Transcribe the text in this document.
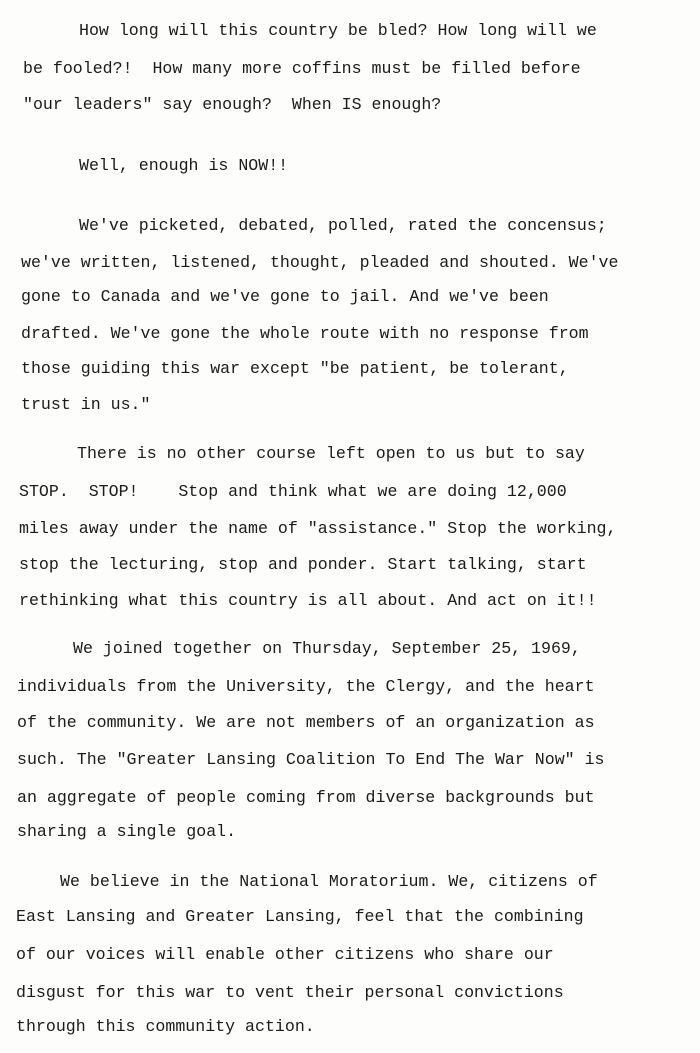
How long will this country be bled? How long will we

be fooled?!  How many more coffins must be filled before

"our leaders" say enough?  When IS enough?

Well, enough is NOW!!

We've picketed, debated, polled, rated the concensus;

we've written, listened, thought, pleaded and shouted. We've

gone to Canada and we've gone to jail. And we've been

drafted. We've gone the whole route with no response from

those guiding this war except "be patient, be tolerant,

trust in us."

There is no other course left open to us but to say

STOP.  STOP!    Stop and think what we are doing 12,000

miles away under the name of "assistance." Stop the working,

stop the lecturing, stop and ponder. Start talking, start

rethinking what this country is all about. And act on it!!

We joined together on Thursday, September 25, 1969,

individuals from the University, the Clergy, and the heart

of the community. We are not members of an organization as

such. The "Greater Lansing Coalition To End The War Now" is

an aggregate of people coming from diverse backgrounds but

sharing a single goal.

We believe in the National Moratorium. We, citizens of

East Lansing and Greater Lansing, feel that the combining

of our voices will enable other citizens who share our

disgust for this war to vent their personal convictions

through this community action.
